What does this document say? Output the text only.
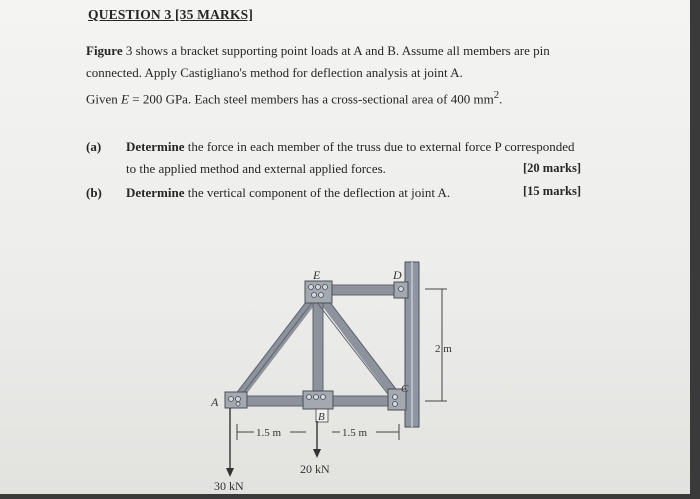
QUESTION 3 [35 MARKS]
Figure 3 shows a bracket supporting point loads at A and B. Assume all members are pin
connected. Apply Castigliano's method for deflection analysis at joint A.
Given E = 200 GPa. Each steel members has a cross-sectional area of 400 $mm^2$.
(a) Determine the force in each member of the truss due to external force P corresponded
to the applied method and external applied forces.	[20 marks]
(b) Determine the vertical component of the deflection at joint A.	[15 marks]
A
E	D
C
B
2 m
1.5 m	1.5 m
30 kN
20 kN
